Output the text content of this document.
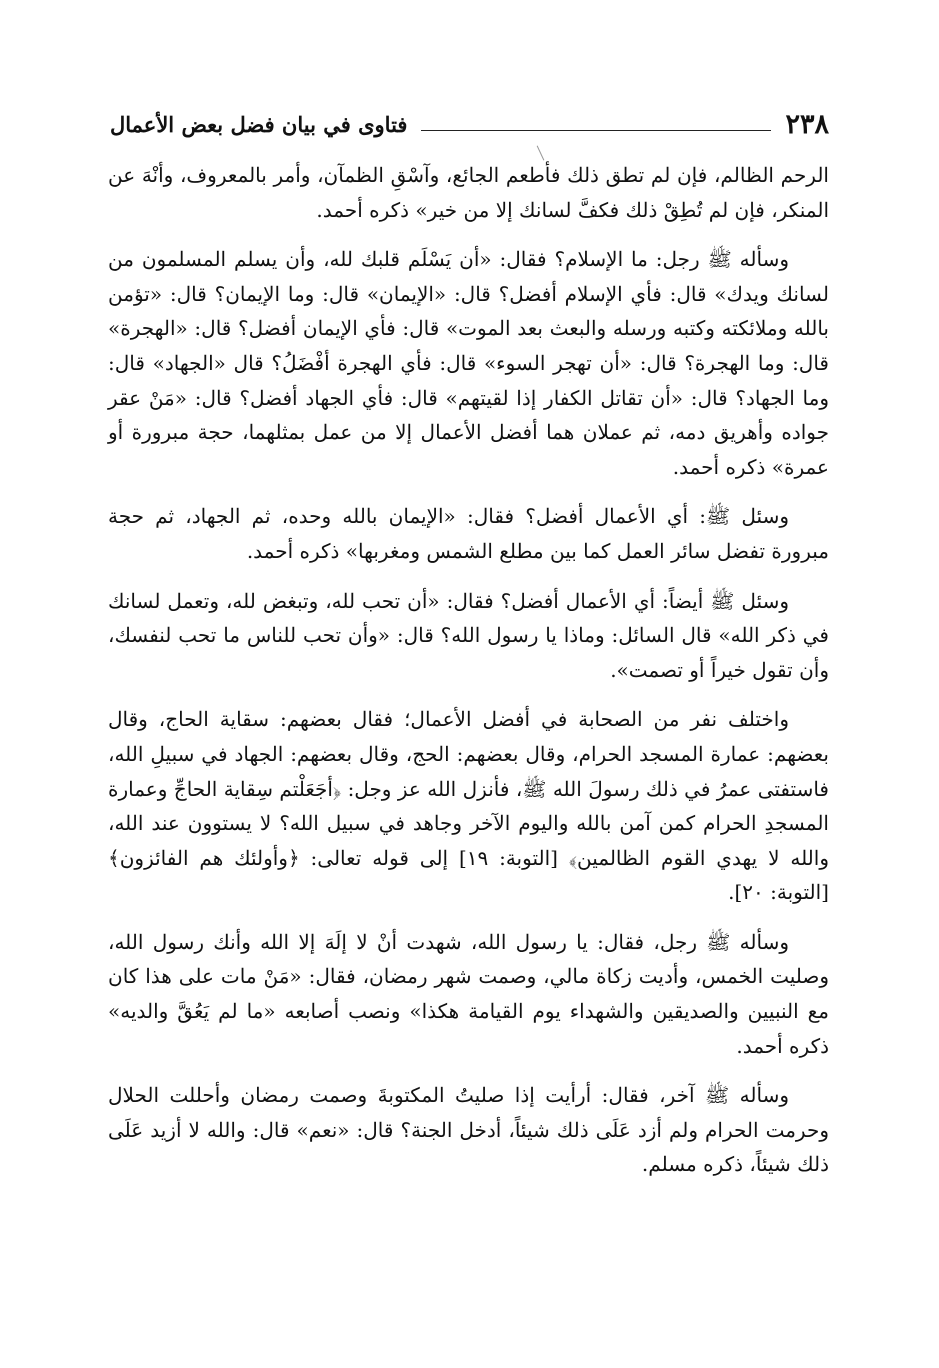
٢٣٨
فتاوى في بيان فضل بعض الأعمال

الرحم الظالم، فإن لم تطق ذلك فأطعم الجائع، وآسْقِ الظمآن، وأمر بالمعروف، وأنْهَ عن المنكر، فإن لم تُطِقْ ذلك فكفَّ لسانك إلا من خير» ذكره أحمد.

وسأله ﷺ رجل: ما الإسلام؟ فقال: «أن يَسْلَم قلبك لله، وأن يسلم المسلمون من لسانك ويدك» قال: فأي الإسلام أفضل؟ قال: «الإيمان» قال: وما الإيمان؟ قال: «تؤمن بالله وملائكته وكتبه ورسله والبعث بعد الموت» قال: فأي الإيمان أفضل؟ قال: «الهجرة» قال: وما الهجرة؟ قال: «أن تهجر السوء» قال: فأي الهجرة أفْضَلُ؟ قال «الجهاد» قال: وما الجهاد؟ قال: «أن تقاتل الكفار إذا لقيتهم» قال: فأي الجهاد أفضل؟ قال: «مَنْ عقر جواده وأهريق دمه، ثم عملان هما أفضل الأعمال إلا من عمل بمثلهما، حجة مبرورة أو عمرة» ذكره أحمد.

وسئل ﷺ: أي الأعمال أفضل؟ فقال: «الإيمان بالله وحده، ثم الجهاد، ثم حجة مبرورة تفضل سائر العمل كما بين مطلع الشمس ومغربها» ذكره أحمد.

وسئل ﷺ أيضاً: أي الأعمال أفضل؟ فقال: «أن تحب لله، وتبغض لله، وتعمل لسانك في ذكر الله» قال السائل: وماذا يا رسول الله؟ قال: «وأن تحب للناس ما تحب لنفسك، وأن تقول خيراً أو تصمت».

واختلف نفر من الصحابة في أفضل الأعمال؛ فقال بعضهم: سقاية الحاج، وقال بعضهم: عمارة المسجد الحرام، وقال بعضهم: الحج، وقال بعضهم: الجهاد في سبيلِ الله، فاستفتى عمرُ في ذلك رسولَ الله ﷺ، فأنزل الله عز وجل: ﴿أجَعَلْتم سِقاية الحاجِّ وعمارة المسجدِ الحرام كمن آمن بالله واليوم الآخر وجاهد في سبيل الله؟ لا يستوون عند الله، والله لا يهدي القوم الظالمين﴾ [التوبة: ١٩] إلى قوله تعالى: ﴿وأولئك هم الفائزون﴾ [التوبة: ٢٠].

وسأله ﷺ رجل، فقال: يا رسول الله، شهدت أنْ لا إلَهَ إلا الله وأنك رسول الله، وصليت الخمس، وأديت زكاة مالي، وصمت شهر رمضان، فقال: «مَنْ مات على هذا كان مع النبيين والصديقين والشهداء يوم القيامة هكذا» ونصب أصابعه «ما لم يَعُقَّ والديه» ذكره أحمد.

وسأله ﷺ آخر، فقال: أرأيت إذا صليتُ المكتوبةَ وصمت رمضان وأحللت الحلال وحرمت الحرام ولم أزد عَلَى ذلك شيئاً، أدخل الجنة؟ قال: «نعم» قال: والله لا أزيد عَلَى ذلك شيئاً، ذكره مسلم.
